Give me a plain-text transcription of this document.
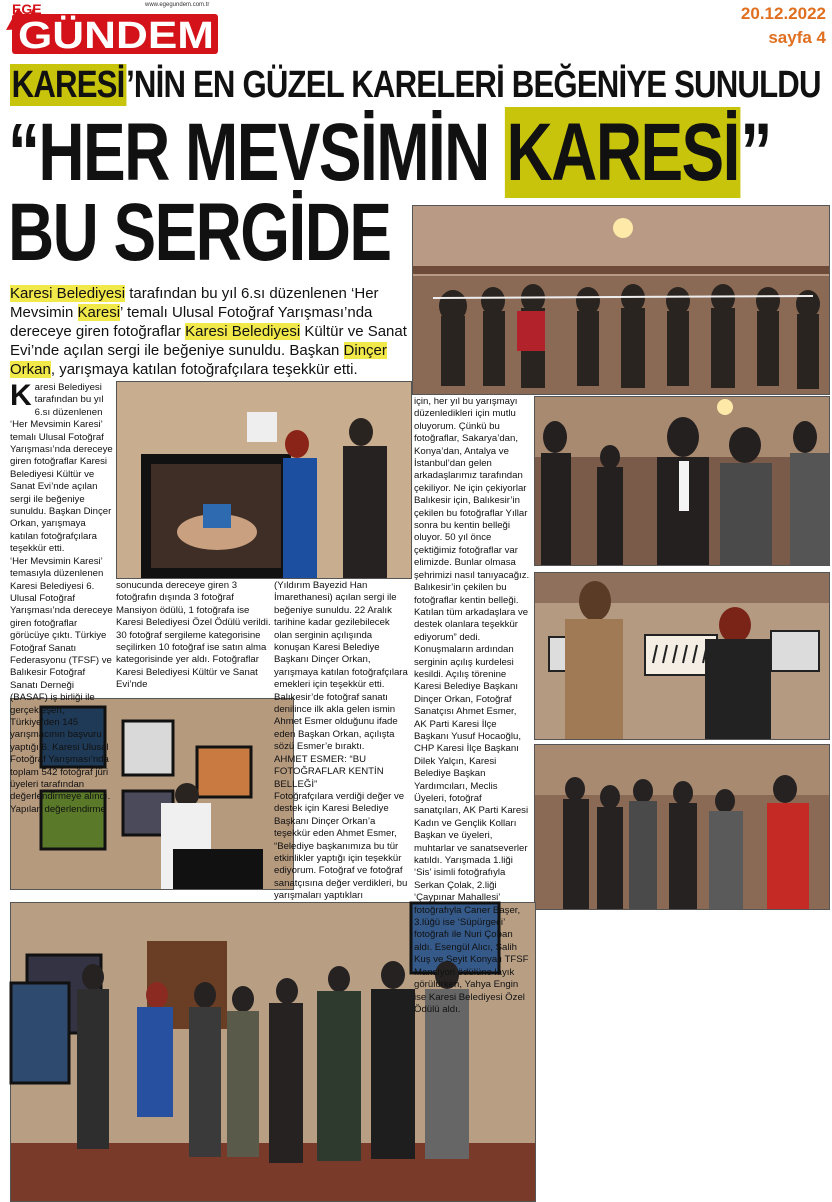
EGE
GÜNDEM
www.egegundem.com.tr	20.12.2022
sayfa 4
KARESİ’NİN EN GÜZEL KARELERİ BEĞENİYE SUNULDU
“HER MEVSİMİN KARESİ”
BU SERGİDE
Karesi Belediyesi tarafından bu yıl 6.sı düzenlenen ‘Her Mevsimin Karesi’ temalı Ulusal Fotoğraf Yarışması’nda dereceye giren fotoğraflar Karesi Belediyesi Kültür ve Sanat Evi’nde açılan sergi ile beğeniye sunuldu. Başkan Dinçer Orkan, yarışmaya katılan fotoğrafçılara teşekkür etti.
Karesi Belediyesi tarafından bu yıl 6.sı düzenlenen ‘Her Mevsimin Karesi’ temalı Ulusal Fotoğraf Yarışması’nda dereceye giren fotoğraflar Karesi Belediyesi Kültür ve Sanat Evi’nde açılan sergi ile beğeniye sunuldu. Başkan Dinçer Orkan, yarışmaya katılan fotoğrafçılara teşekkür etti.
‘Her Mevsimin Karesi’ temasıyla düzenlenen Karesi Belediyesi 6. Ulusal Fotoğraf Yarışması’nda dereceye giren fotoğraflar görücüye çıktı. Türkiye Fotoğraf Sanatı Federasyonu (TFSF) ve Balıkesir Fotoğraf Sanatı Derneği (BASAF) iş birliği ile gerçekleşen, Türkiye’den 145 yarışmacının başvuru yaptığı 6. Karesi Ulusal Fotoğraf Yarışması’nda toplam 542 fotoğraf jüri üyeleri tarafından değerlendirmeye alındı. Yapılan değerlendirme
sonucunda dereceye giren 3 fotoğrafın dışında 3 fotoğraf Mansiyon ödülü, 1 fotoğrafa ise Karesi Belediyesi Özel Ödülü verildi. 30 fotoğraf sergileme kategorisine seçilirken 10 fotoğraf ise satın alma kategorisinde yer aldı. Fotoğraflar Karesi Belediyesi Kültür ve Sanat Evi’nde
(Yıldırım Bayezid Han İmarethanesi) açılan sergi ile beğeniye sunuldu. 22 Aralık tarihine kadar gezilebilecek olan serginin açılışında konuşan Karesi Belediye Başkanı Dinçer Orkan, yarışmaya katılan fotoğrafçılara emekleri için teşekkür etti. Balıkesir’de fotoğraf sanatı denilince ilk akla gelen ismin Ahmet Esmer olduğunu ifade eden Başkan Orkan, açılışta sözü Esmer’e bıraktı.
AHMET ESMER: “BU FOTOĞRAFLAR KENTİN BELLEĞİ”
Fotoğrafçılara verdiği değer ve destek için Karesi Belediye Başkanı Dinçer Orkan’a teşekkür eden Ahmet Esmer, “Belediye başkanımıza bu tür etkinlikler yaptığı için teşekkür ediyorum. Fotoğraf ve fotoğraf sanatçısına değer verdikleri, bu yarışmaları yaptıkları
için, her yıl bu yarışmayı düzenledikleri için mutlu oluyorum. Çünkü bu fotoğraflar, Sakarya’dan, Konya’dan, Antalya ve İstanbul’dan gelen arkadaşlarımız tarafından çekiliyor. Ne için çekiyorlar Balıkesir için, Balıkesir’in çekilen bu fotoğraflar Yıllar sonra bu kentin belleği oluyor. 50 yıl önce çektiğimiz fotoğraflar var elimizde. Bunlar olmasa şehrimizi nasıl tanıyacağız. Balıkesir’in çekilen bu fotoğraflar kentin belleği. Katılan tüm arkadaşlara ve destek olanlara teşekkür ediyorum” dedi. Konuşmaların ardından serginin açılış kurdelesi kesildi. Açılış törenine Karesi Belediye Başkanı Dinçer Orkan, Fotoğraf Sanatçısı Ahmet Esmer, AK Parti Karesi İlçe Başkanı Yusuf Hocaoğlu, CHP Karesi İlçe Başkanı Dilek Yalçın, Karesi Belediye Başkan Yardımcıları, Meclis Üyeleri, fotoğraf sanatçıları, AK Parti Karesi Kadın ve Gençlik Kolları Başkan ve üyeleri, muhtarlar ve sanatseverler katıldı. Yarışmada 1.liği ‘Sis’ isimli fotoğrafıyla Serkan Çolak, 2.liği ‘Çaypınar Mahallesi’ fotoğrafıyla Caner Başer, 3.lüğü ise ‘Süpürgeci’ fotoğrafı ile Nuri Çoban aldı. Esengül Alıcı, Salih Kuş ve Seyit Konyalı TFSF Mansiyon ödülüne layık görülürken, Yahya Engin ise Karesi Belediyesi Özel Ödülü aldı.
